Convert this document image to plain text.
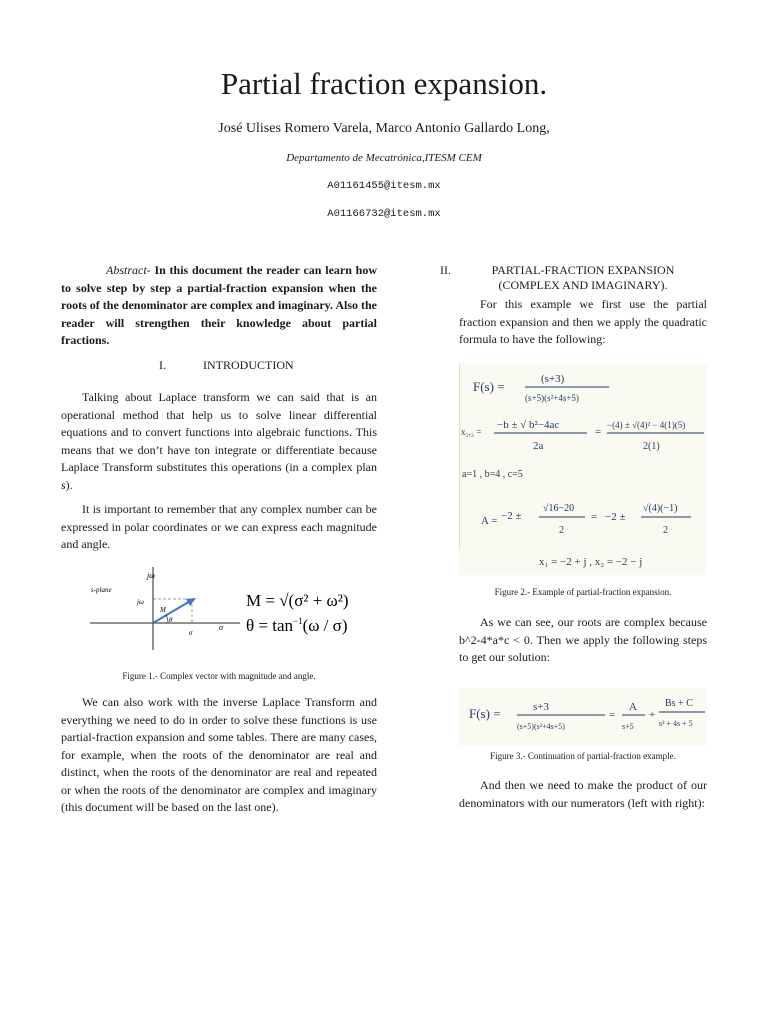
Partial fraction expansion.
José Ulises Romero Varela, Marco Antonio Gallardo Long,
Departamento de Mecatrónica,ITESM CEM
A01161455@itesm.mx
A01166732@itesm.mx

Abstract- In this document the reader can learn how to solve step by step a partial-fraction expansion when the roots of the denominator are complex and imaginary. Also the reader will strengthen their knowledge about partial fractions.

I.	INTRODUCTION

Talking about Laplace transform we can said that is an operational method that help us to solve linear differential equations and to convert functions into algebraic functions. This means that we don’t have ton integrate or differentiate because Laplace Transform substitutes this operations (in a complex plan s).

It is important to remember that any complex number can be expressed in polar coordinates or we can express each magnitude and angle.

s-plane
jω
jω
M
θ
σ
σ
M = √(σ² + ω²)
$\theta = \tan^{-1}(\omega / \sigma)$
Figure 1.- Complex vector with magnitude and angle.

We can also work with the inverse Laplace Transform and everything we need to do in order to solve these functions is use partial-fraction expansion and some tables. There are many cases, for example, when the roots of the denominator are real and distinct, when the roots of the denominator are real and repeated or when the roots of the denominator are complex and imaginary (this document will be based on the last one).

II.	PARTIAL-FRACTION EXPANSION
(COMPLEX AND IMAGINARY).

For this example we first use the partial fraction expansion and then we apply the quadratic formula to have the following:

F(s) =	(s+3)
(s+5)(s²+4s+5)
x₁,₂ =
−b ± √ b²−4ac
2a
=
−(4) ± √(4)² − 4(1)(5)
2(1)
a=1 , b=4 , c=5
A = −2 ±
√16−20
2
= −2 ±
√(4)(−1)
2
x₁ = −2 + j , x₂ = −2 − j
Figure 2.- Example of partial-fraction expansion.

As we can see, our roots are complex because b^2-4*a*c < 0. Then we apply the following steps to get our solution:

F(s) =	s+3
(s+5)(s²+4s+5)
=
A
s+5
+
Bs + C
s² + 4s + 5
Figure 3.- Continuation of partial-fraction example.

And then we need to make the product of our denominators with our numerators (left with right):
